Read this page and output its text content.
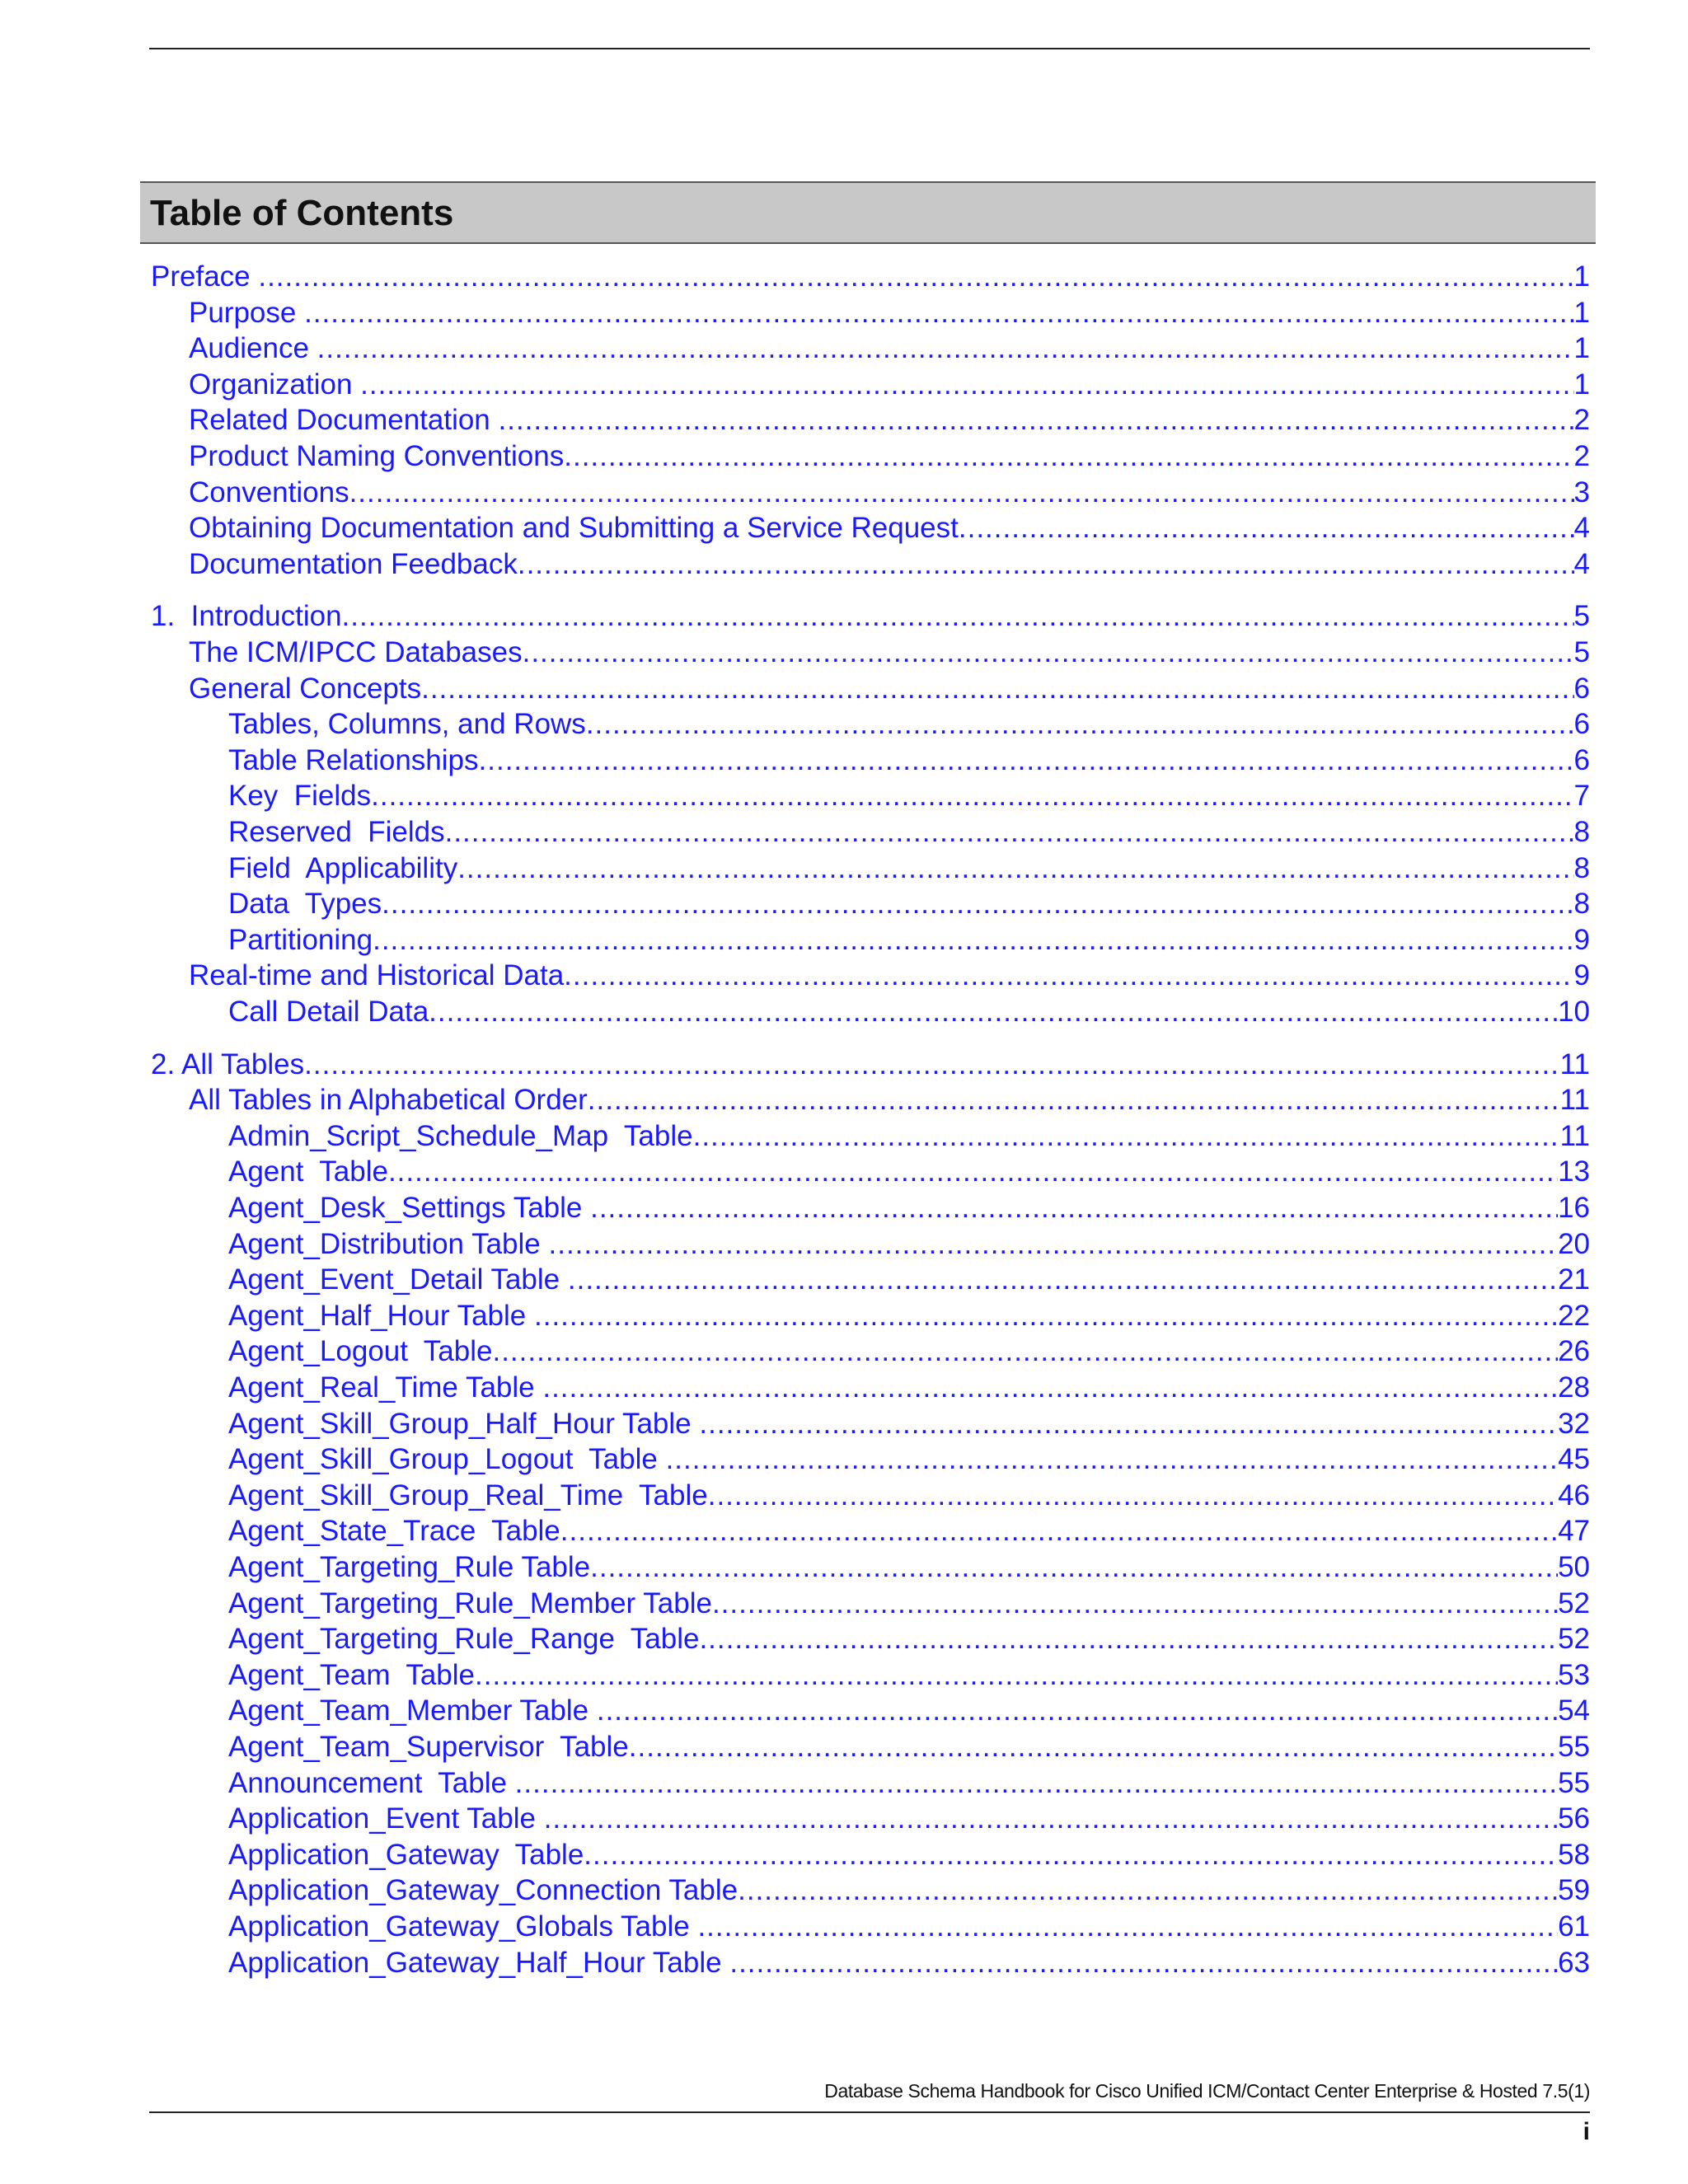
Table of Contents
Preface .....	1
Purpose .....	1
Audience .....	1
Organization .....	1
Related Documentation .....	2
Product Naming Conventions .....	2
Conventions .....	3
Obtaining Documentation and Submitting a Service Request .....	4
Documentation Feedback .....	4
1.  Introduction .....	5
The ICM/IPCC Databases .....	5
General Concepts .....	6
Tables, Columns, and Rows .....	6
Table Relationships .....	6
Key  Fields .....	7
Reserved  Fields .....	8
Field  Applicability .....	8
Data  Types .....	8
Partitioning .....	9
Real-time and Historical Data .....	9
Call Detail Data .....	10
2. All Tables .....	11
All Tables in Alphabetical Order .....	11
Admin_Script_Schedule_Map  Table .....	11
Agent  Table .....	13
Agent_Desk_Settings Table .....	16
Agent_Distribution Table .....	20
Agent_Event_Detail Table .....	21
Agent_Half_Hour Table .....	22
Agent_Logout  Table .....	26
Agent_Real_Time Table .....	28
Agent_Skill_Group_Half_Hour Table .....	32
Agent_Skill_Group_Logout  Table .....	45
Agent_Skill_Group_Real_Time  Table .....	46
Agent_State_Trace  Table .....	47
Agent_Targeting_Rule Table .....	50
Agent_Targeting_Rule_Member Table .....	52
Agent_Targeting_Rule_Range  Table .....	52
Agent_Team  Table .....	53
Agent_Team_Member Table .....	54
Agent_Team_Supervisor  Table .....	55
Announcement  Table .....	55
Application_Event Table .....	56
Application_Gateway  Table .....	58
Application_Gateway_Connection Table .....	59
Application_Gateway_Globals Table .....	61
Application_Gateway_Half_Hour Table .....	63
Database Schema Handbook for Cisco Unified ICM/Contact Center Enterprise & Hosted 7.5(1)
i
